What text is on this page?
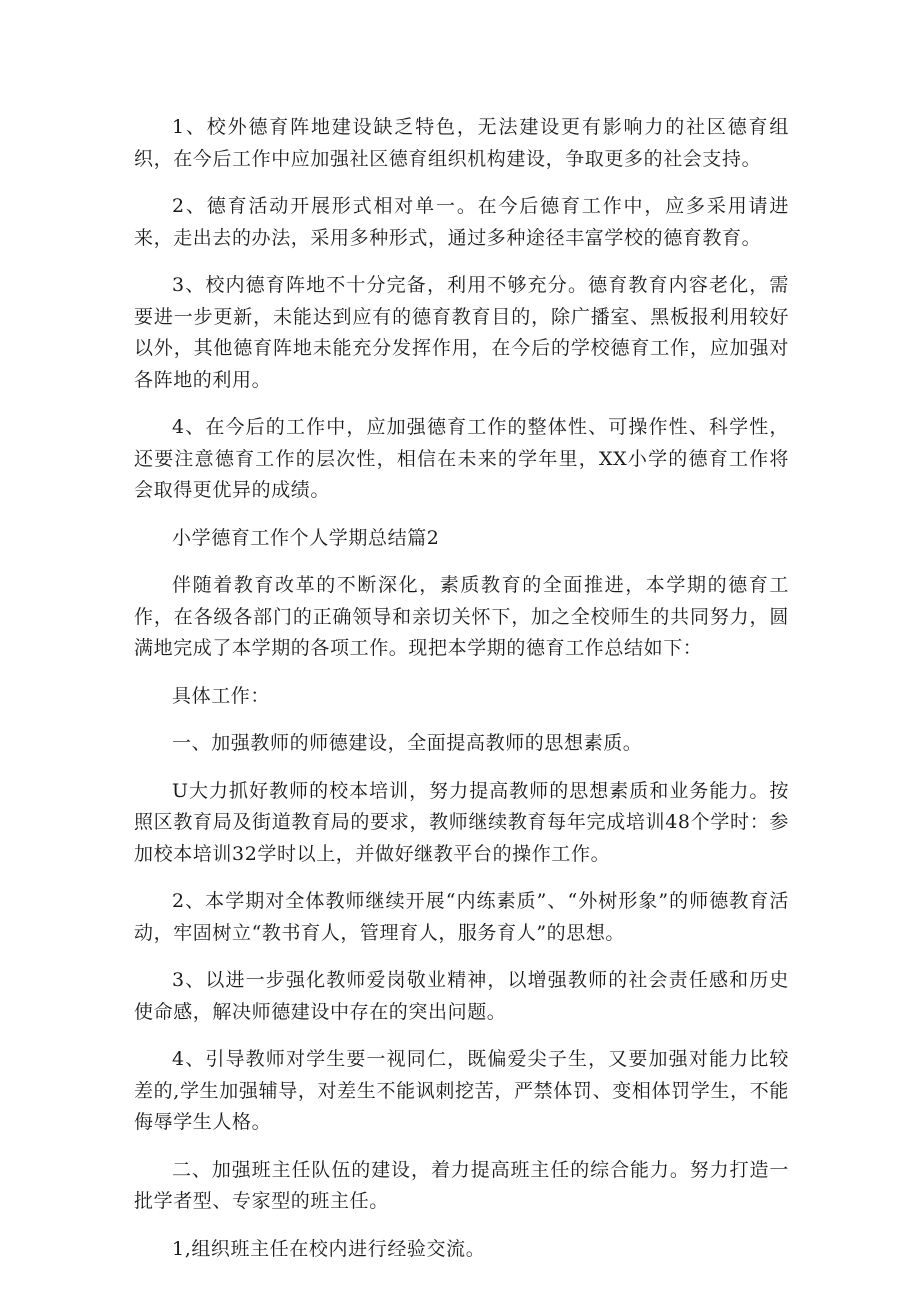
1、校外德育阵地建设缺乏特色，无法建设更有影响力的社区德育组织，在今后工作中应加强社区德育组织机构建设，争取更多的社会支持。

2、德育活动开展形式相对单一。在今后德育工作中，应多采用请进来，走出去的办法，采用多种形式，通过多种途径丰富学校的德育教育。

3、校内德育阵地不十分完备，利用不够充分。德育教育内容老化，需要进一步更新，未能达到应有的德育教育目的，除广播室、黑板报利用较好以外，其他德育阵地未能充分发挥作用，在今后的学校德育工作，应加强对各阵地的利用。

4、在今后的工作中，应加强德育工作的整体性、可操作性、科学性，还要注意德育工作的层次性，相信在未来的学年里，XX小学的德育工作将会取得更优异的成绩。

小学德育工作个人学期总结篇2

伴随着教育改革的不断深化，素质教育的全面推进，本学期的德育工作，在各级各部门的正确领导和亲切关怀下，加之全校师生的共同努力，圆满地完成了本学期的各项工作。现把本学期的德育工作总结如下：

具体工作：

一、加强教师的师德建设，全面提高教师的思想素质。

U大力抓好教师的校本培训，努力提高教师的思想素质和业务能力。按照区教育局及街道教育局的要求，教师继续教育每年完成培训48个学时：参加校本培训32学时以上，并做好继教平台的操作工作。

2、本学期对全体教师继续开展“内练素质”、“外树形象”的师德教育活动，牢固树立“教书育人，管理育人，服务育人”的思想。

3、以进一步强化教师爱岗敬业精神，以增强教师的社会责任感和历史使命感，解决师德建设中存在的突出问题。

4、引导教师对学生要一视同仁，既偏爱尖子生，又要加强对能力比较差的,学生加强辅导，对差生不能讽刺挖苦，严禁体罚、变相体罚学生，不能侮辱学生人格。

二、加强班主任队伍的建设，着力提高班主任的综合能力。努力打造一批学者型、专家型的班主任。

1,组织班主任在校内进行经验交流。
